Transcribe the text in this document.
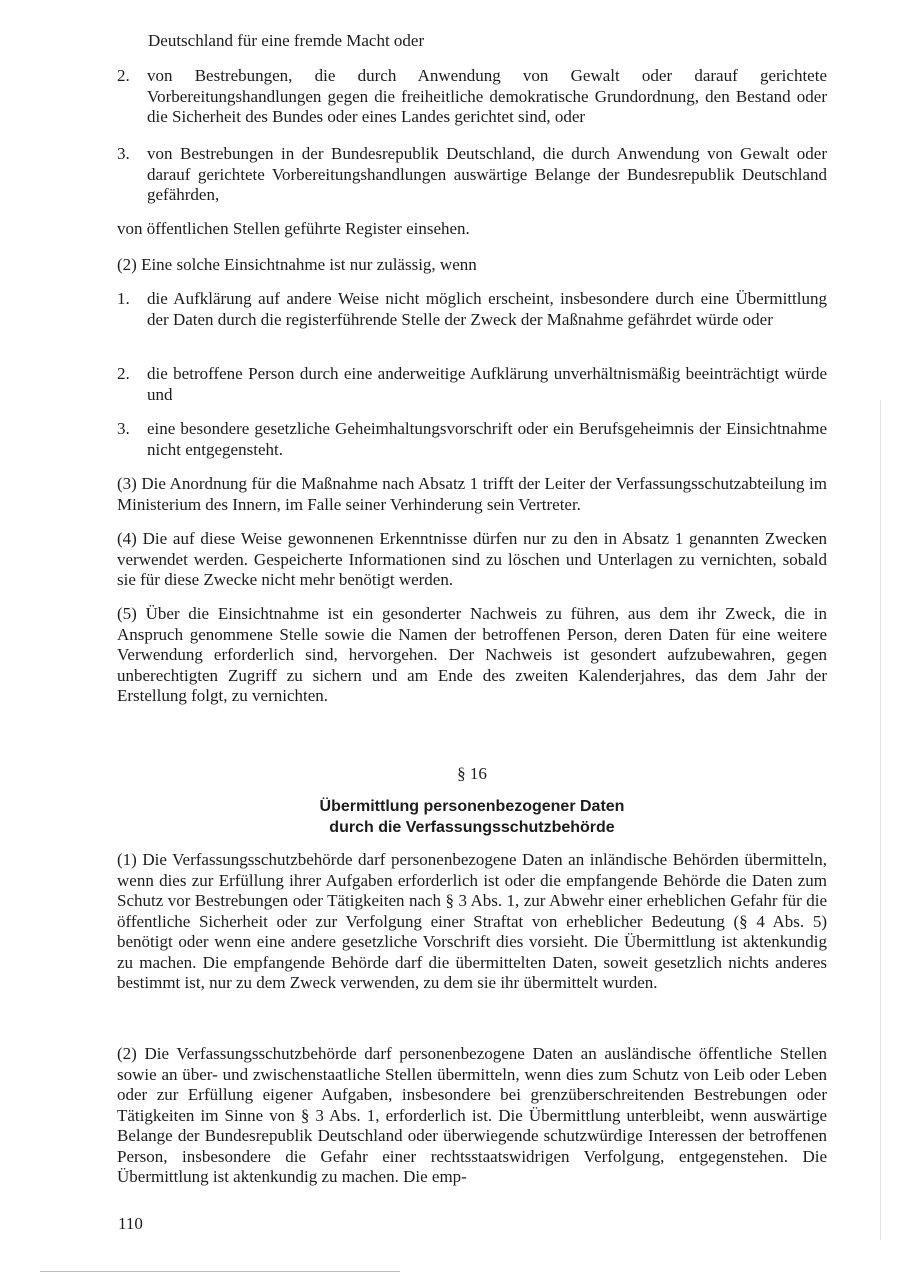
Deutschland für eine fremde Macht oder
2.	von Bestrebungen, die durch Anwendung von Gewalt oder darauf gerichtete Vorbereitungshandlungen gegen die freiheitliche demokratische Grundordnung, den Bestand oder die Sicherheit des Bundes oder eines Landes gerichtet sind, oder
3.	von Bestrebungen in der Bundesrepublik Deutschland, die durch Anwendung von Gewalt oder darauf gerichtete Vorbereitungshandlungen auswärtige Belange der Bundesrepublik Deutschland gefährden,
von öffentlichen Stellen geführte Register einsehen.
(2) Eine solche Einsichtnahme ist nur zulässig, wenn
1.	die Aufklärung auf andere Weise nicht möglich erscheint, insbesondere durch eine Übermittlung der Daten durch die registerführende Stelle der Zweck der Maßnahme gefährdet würde oder
2.	die betroffene Person durch eine anderweitige Aufklärung unverhältnismäßig beeinträchtigt würde und
3.	eine besondere gesetzliche Geheimhaltungsvorschrift oder ein Berufsgeheimnis der Einsichtnahme nicht entgegensteht.
(3) Die Anordnung für die Maßnahme nach Absatz 1 trifft der Leiter der Verfassungsschutzabteilung im Ministerium des Innern, im Falle seiner Verhinderung sein Vertreter.
(4) Die auf diese Weise gewonnenen Erkenntnisse dürfen nur zu den in Absatz 1 genannten Zwecken verwendet werden. Gespeicherte Informationen sind zu löschen und Unterlagen zu vernichten, sobald sie für diese Zwecke nicht mehr benötigt werden.
(5) Über die Einsichtnahme ist ein gesonderter Nachweis zu führen, aus dem ihr Zweck, die in Anspruch genommene Stelle sowie die Namen der betroffenen Person, deren Daten für eine weitere Verwendung erforderlich sind, hervorgehen. Der Nachweis ist gesondert aufzubewahren, gegen unberechtigten Zugriff zu sichern und am Ende des zweiten Kalenderjahres, das dem Jahr der Erstellung folgt, zu vernichten.
§ 16
Übermittlung personenbezogener Daten
durch die Verfassungsschutzbehörde
(1) Die Verfassungsschutzbehörde darf personenbezogene Daten an inländische Behörden übermitteln, wenn dies zur Erfüllung ihrer Aufgaben erforderlich ist oder die empfangende Behörde die Daten zum Schutz vor Bestrebungen oder Tätigkeiten nach § 3 Abs. 1, zur Abwehr einer erheblichen Gefahr für die öffentliche Sicherheit oder zur Verfolgung einer Straftat von erheblicher Bedeutung (§ 4 Abs. 5) benötigt oder wenn eine andere gesetzliche Vorschrift dies vorsieht. Die Übermittlung ist aktenkundig zu machen. Die empfangende Behörde darf die übermittelten Daten, soweit gesetzlich nichts anderes bestimmt ist, nur zu dem Zweck verwenden, zu dem sie ihr übermittelt wurden.
(2) Die Verfassungsschutzbehörde darf personenbezogene Daten an ausländische öffentliche Stellen sowie an über- und zwischenstaatliche Stellen übermitteln, wenn dies zum Schutz von Leib oder Leben oder zur Erfüllung eigener Aufgaben, insbesondere bei grenzüberschreitenden Bestrebungen oder Tätigkeiten im Sinne von § 3 Abs. 1, erforderlich ist. Die Übermittlung unterbleibt, wenn auswärtige Belange der Bundesrepublik Deutschland oder überwiegende schutzwürdige Interessen der betroffenen Person, insbesondere die Gefahr einer rechtsstaatswidrigen Verfolgung, entgegenstehen. Die Übermittlung ist aktenkundig zu machen. Die emp-
110
